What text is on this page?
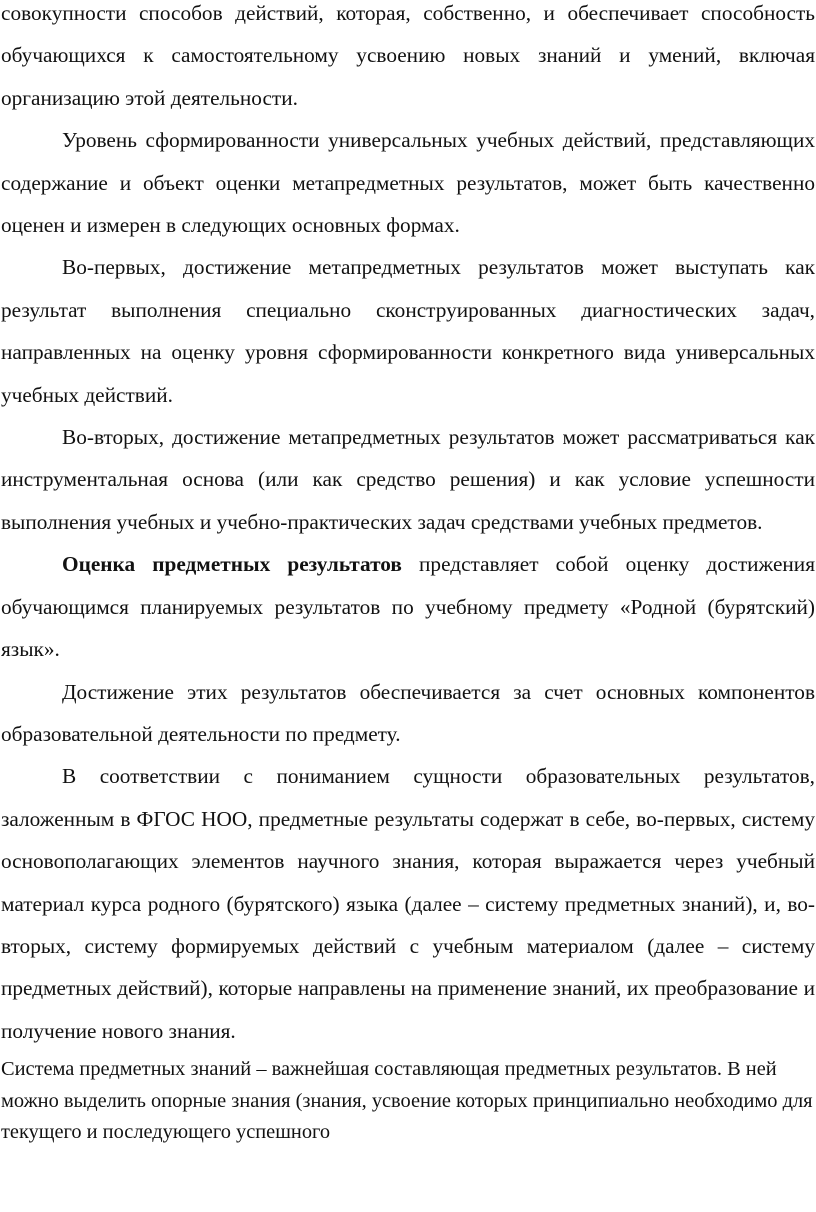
совокупности способов действий, которая, собственно, и обеспечивает способность обучающихся к самостоятельному усвоению новых знаний и умений, включая организацию этой деятельности.

Уровень сформированности универсальных учебных действий, представляющих содержание и объект оценки метапредметных результатов, может быть качественно оценен и измерен в следующих основных формах.

Во-первых, достижение метапредметных результатов может выступать как результат выполнения специально сконструированных диагностических задач, направленных на оценку уровня сформированности конкретного вида универсальных учебных действий.

Во-вторых, достижение метапредметных результатов может рассматриваться как инструментальная основа (или как средство решения) и как условие успешности выполнения учебных и учебно-практических задач средствами учебных предметов.

Оценка предметных результатов представляет собой оценку достижения обучающимся планируемых результатов по учебному предмету «Родной (бурятский) язык».

Достижение этих результатов обеспечивается за счет основных компонентов образовательной деятельности по предмету.

В соответствии с пониманием сущности образовательных результатов, заложенным в ФГОС НОО, предметные результаты содержат в себе, во-первых, систему основополагающих элементов научного знания, которая выражается через учебный материал курса родного (бурятского) языка (далее – систему предметных знаний), и, во-вторых, систему формируемых действий с учебным материалом (далее – систему предметных действий), которые направлены на применение знаний, их преобразование и получение нового знания.

Система предметных знаний – важнейшая составляющая предметных результатов. В ней можно выделить опорные знания (знания, усвоение которых принципиально необходимо для текущего и последующего успешного
